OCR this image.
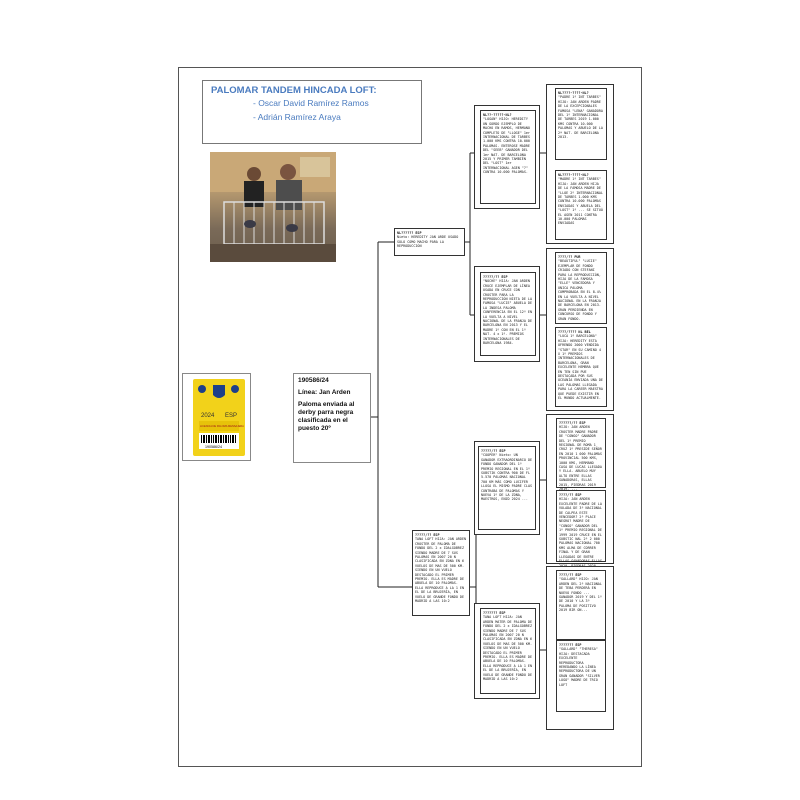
PALOMAR TANDEM HINCADA LOFT:
- Oscar David Ramírez Ramos
- Adrián Ramírez Araya
2024 ESP
LICENCIA DE PALOMA MENSAJERA
190586/24
190586/24
Línea: Jan Arden
Paloma enviada al derby parra negra clasificada en el puesto 20º
NL?????? ESP
Nieto: HEREDITY JAN ARDE USADO SOLO COMO MACHO PARA LA REPRODUCCIÓN
?????/?? ESP
TANA LOFT HIJA: JAN ARDEN CROSTER DE PALOMA DE FONDO DEL 2 x IDALGOBREZ SIENDO MADRE DE 7 SUS PALOMAS EN 2007 20 N CLASIFICADA EN ZONA EN 6 VUELOS DE MAS DE 500 KM. SIENDO EN UN VUELO DESTACADO EL PRIMER PREMIO. ELLA ES MADRE DE ABUELA DE 10 PALOMAS. ELLA REPRODUCE A LA 1 EN EL DE LA BRUJERÍA, EN VUELO DE GRANDE FONDO DE MADRID A LAS 10:2
NL??-?????-NL?
"LOGAN" HIJO: HEREDITY UN GORDO EJEMPLO DE MACHO EN RAMOS, HERMANO COMPLETO DE "LLOGE" 1er INTERNACIONAL DE TARBES 1.000 KMS CONTRA 10.000 PALOMAS. ENTEROSE MADRE DEL "SEEB" GANADOR DEL 1er NAT. DE BARCELONA 2015 Y PRIMER TAMBIÉN DEL "LOST" 1er INTERNACIONAL AGEN "?" CONTRA 10.000 PALOMAS.
?????/?? ESP
"NOCHE" HIJA: JAN ARDEN CRUCE EJEMPLAR DE LÍNEA USADA EN CRUCE CON CROSTER PARA LA REPRODUCCIÓN NIETA DE LA FAMOSA "LUCIE" ABUELA DE LA INDESA PALOMA CONFERENCIA EN EL 12º EN LA VUELTA A NIVEL NACIONAL DE LA FRANJA DE BARCELONA EN 2013 Y EL MADRE 1º CON EN EL 1º NAT. 4 x 1º. PREMIOS INTERNACIONALES DE BARCELONA 1984.
?????/?? ESP
"COOPER" Nieto: UN GANADOR EXTRAORDINARIO DE FONDO GANADOR DEL 1º PREMIO REGIONAL EN EL 1º SUBSTIK CONTRA 900 DE FL 5.570 PALOMAS NACIONAL 700 KM MÁS COMO LUCIFER LLOSA EL MISMO PADRE CLAS CONTRABA DE PALOMAS Y NUEVA 1º DE LA ZONA, MAESTROS, ENZO 2024 ...
??????? ESP
TANA LOFT HIJA: JAN ARDEN MATER DE PALOMA DE FONDO DEL 2 x IDALGOBREZ SIENDO MADRE DE 7 SUS PALOMAS EN 2007 20 N CLASIFICADA EN ZONA EN 6 VUELOS DE MAS DE 500 KM. SIENDO EN UN VUELO DESTACADO EL PRIMER PREMIO. ELLA ES MADRE DE ABUELA DE 10 PALOMAS. ELLA REPRODUCE A LA 1 EN EL DE LA BRUJERÍA, EN VUELO DE GRANDE FONDO DE MADRID A LAS 10:2
NL????-????-NL?
"PADRE 1º INT TARBES" HIJO: JAN ARDEN PADRE DE LA EXCEPCIONALES FAMOSA "LENA" GANADORA DEL 1º INTERNACIONAL DE TARBES 2019 1.000 KMS CONTRA 10.000 PALOMAS Y ABUELO DE LA 2ª NAT. DE BARCELONA 2013.
NL????-????-NL?
"MADRE 1º INT TARBES" HIJA: JAN ARDEN HIJA DE LA FAMOSA MADRE DE "LLOE 2º INTERNACIONAL DE TARBES 1.000 KMS CONTRA 10.000 PALOMAS ENVIADAS Y ABUELA DEL "LOST" 1º ... SE SITUÓ EL AGEN 2011 CONTRA 10.000 PALOMAS ENVIADAS
????/?? PUR
"BEAUTIFUL" "LUCIE" EJEMPLAR DE FONDO CRIADO CON STEFANI PARA LA REPRODUCCIÓN, HIJA DE LA FAMOSA "ELLE" VENCEDORA Y UNICA PALOMA COMPROBADA EN EL 8.4% EN LA VUELTA A NIVEL NACIONAL EN LA FRANJA DE BARCELONA EN 2013. GRAN PERDIENDA EN CONCURSO DE FONDO Y GRAN FONDO.
????/???? NL BEL
"LUCA 1º BARCELONA" HIJA: HEREDITY ESTA OFRENDO 2000 VENDIDA "STAR" EN SU CAMINO 4 X 1º PREMIOS INTERNACIONALES DE BARCELONA, GRAN EXCELENTE HEMBRA QUE EN TEN SIN PUE DESTACADA POR SUS OCEANÍA ENVIADA UNA DE LAS PALOMAS LLEGADA PARA LA CAREER MAESTRA QUE PUEDE EXISTIR EN EL MUNDO ACTUALMENTE.
??????/?? ESP
HIJO: JAN ARDEN CROSTER MADRE PADRE DE "CONGO" GANADOR DEL 1º PREMIO REGIONAL DE ROMA 1 CRUZ 1º PRESIDE SEÑOR EN 2010 1 000 PALOMAS PROVINCIAL 500 KMS, 1000 KMS, HERMANO CASA DE LUCAS LLEGADA Y ELLA. ABUELO MUY ALTO ENTRE ELLAS GANADORAS, ELLAS 2015, PIEDRAS 2019
????/?? ESP
HIJA: JAN ARDEN EXCELENTE PADRE DE LA VOLADA DE 3º NACIONAL DE CALPEA ESTE VENCEDOR? 2º PLACE NEGRO? MADRE DE "CONGO" GANADOR DEL 1º PREMIO REGIONAL DE 1999 2019 CRUCE EN EL SUBSTIC NAL 2º 2 000 PALOMAS NACIONAL 700 KMS ALMA DE CORRER FINAL Y DE GRAN LLEGADAS DE ENTRE ELLAS GANADORAS ELLAS
????/?? ESP
"GALLARD" HIJO: JAN ARDEN DEL 2º NACIONAL DE TEBA PERDERÁ EN NUEVO FONDO ... GANADOR 2019 Y DEL 1º DE 2010 Y LA 3º PALOMA DE POSITIVO 2019 BIR ON...
??????? ESP
"GALLARD" "THERESA" HIJA: DESTACADA EXCELENTE REPRODUCTORA HEREDANDO LA LÍNEA REPRODUCTORA DE UN GRAN GANADOR "SILVER LOGO" MADRE DE TRIO LOFT
